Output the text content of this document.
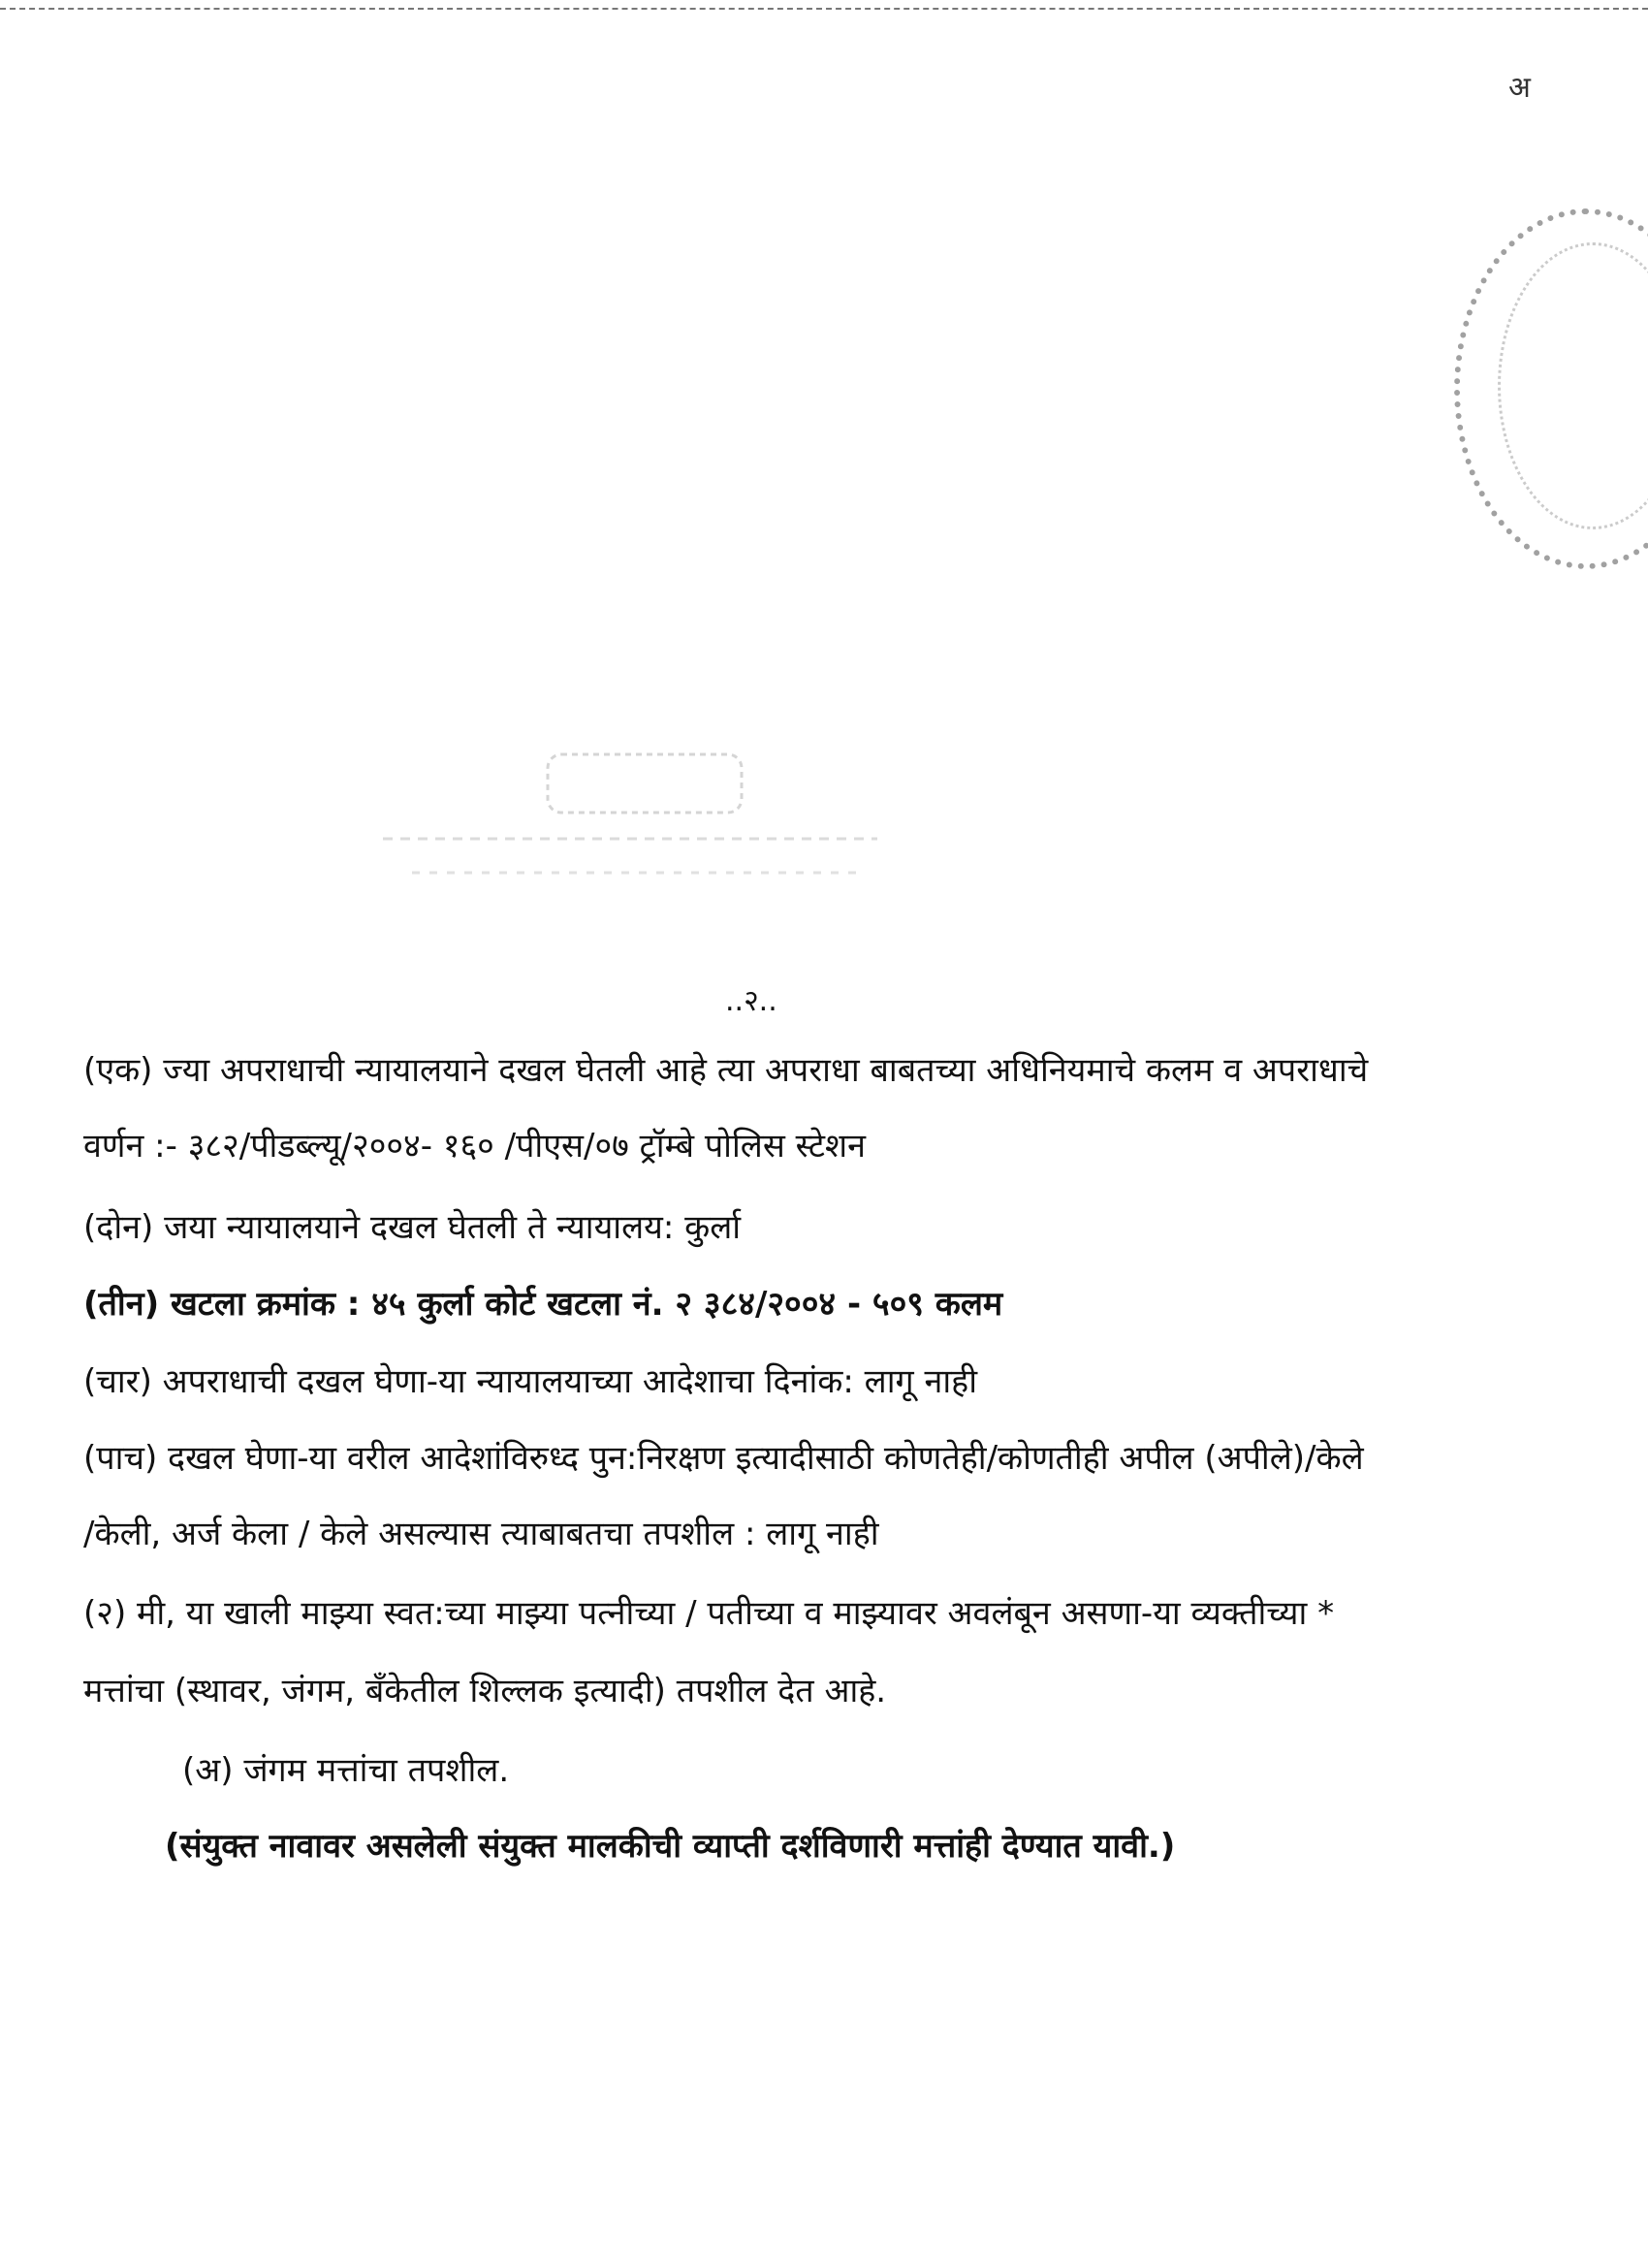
अ
..२..
(एक) ज्या अपराधाची न्यायालयाने दखल घेतली आहे त्या अपराधा बाबतच्या अधिनियमाचे कलम व अपराधाचे
वर्णन :- ३८२/पीडब्ल्यू/२००४- १६० /पीएस/०७ ट्रॉम्बे पोलिस स्टेशन
(दोन) जया न्यायालयाने दखल घेतली ते न्यायालय: कुर्ला
(तीन) खटला क्रमांक : ४५ कुर्ला कोर्ट खटला नं. २ ३८४/२००४ - ५०९ कलम
(चार) अपराधाची दखल घेणा-या न्यायालयाच्या आदेशाचा दिनांक: लागू नाही
(पाच) दखल घेणा-या वरील आदेशांविरुध्द पुन:निरक्षण इत्यादीसाठी कोणतेही/कोणतीही अपील (अपीले)/केले
/केली, अर्ज केला / केले असल्यास त्याबाबतचा तपशील : लागू नाही
(२) मी, या खाली माझ्या स्वत:च्या माझ्या पत्नीच्या / पतीच्या व माझ्यावर अवलंबून असणा-या व्यक्तीच्या *
मत्तांचा (स्थावर, जंगम, बॅंकेतील शिल्लक इत्यादी) तपशील देत आहे.
(अ) जंगम मत्तांचा तपशील.
(संयुक्त नावावर असलेली संयुक्त मालकीची व्याप्ती दर्शविणारी मत्तांही देण्यात यावी.)
